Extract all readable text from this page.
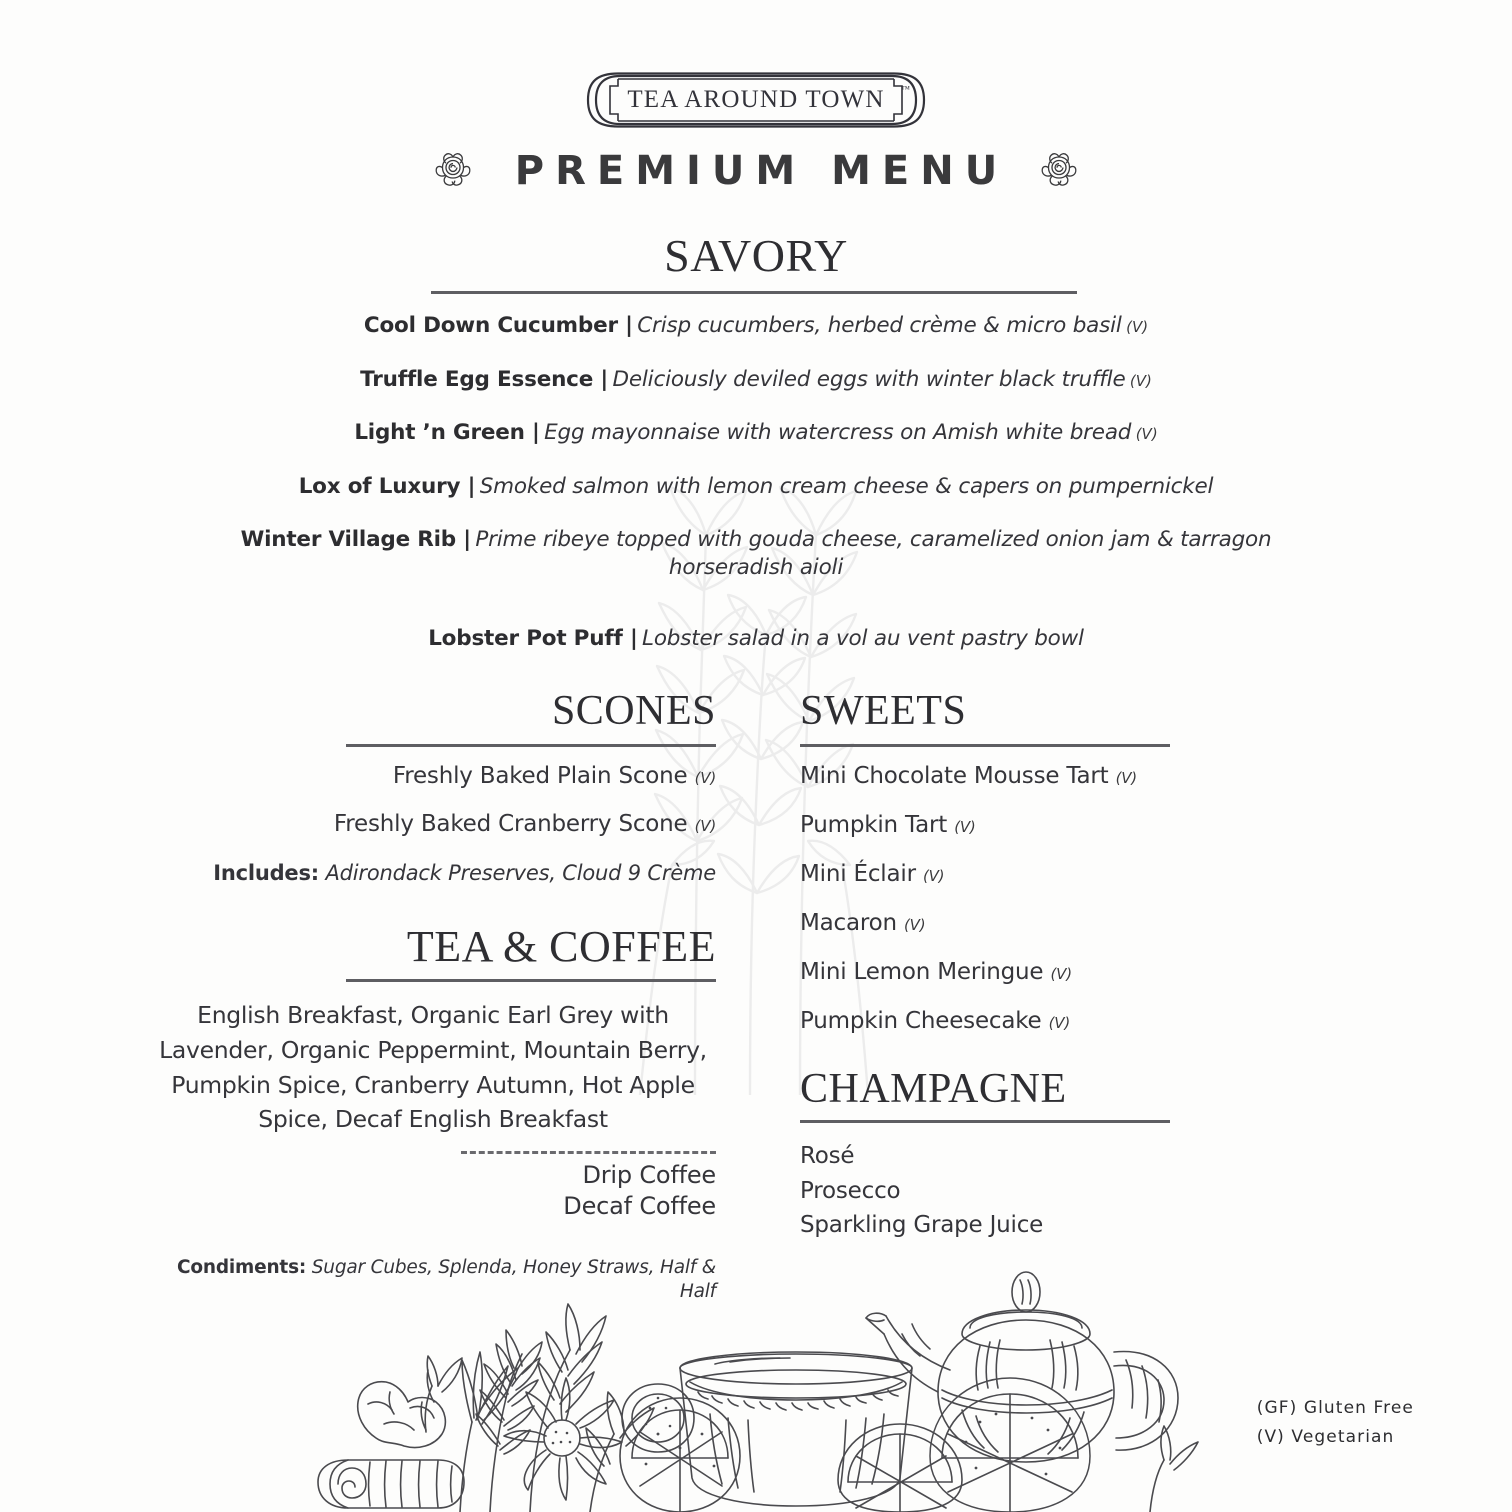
TEA AROUND TOWN	™
PREMIUM MENU
SAVORY
Cool Down Cucumber | Crisp cucumbers, herbed crème & micro basil (V)
Truffle Egg Essence | Deliciously deviled eggs with winter black truffle (V)
Light ʼn Green | Egg mayonnaise with watercress on Amish white bread (V)
Lox of Luxury | Smoked salmon with lemon cream cheese & capers on pumpernickel
Winter Village Rib | Prime ribeye topped with gouda cheese, caramelized onion jam & tarragon horseradish aioli
Lobster Pot Puff | Lobster salad in a vol au vent pastry bowl
SCONES
Freshly Baked Plain Scone (V)
Freshly Baked Cranberry Scone (V)
Includes: Adirondack Preserves, Cloud 9 Crème
SWEETS
Mini Chocolate Mousse Tart (V)
Pumpkin Tart (V)
Mini Éclair (V)
Macaron (V)
Mini Lemon Meringue (V)
Pumpkin Cheesecake (V)
TEA & COFFEE
English Breakfast, Organic Earl Grey with Lavender, Organic Peppermint, Mountain Berry, Pumpkin Spice, Cranberry Autumn, Hot Apple Spice, Decaf English Breakfast
Drip Coffee
Decaf Coffee
Condiments: Sugar Cubes, Splenda, Honey Straws, Half & Half
CHAMPAGNE
Rosé
Prosecco
Sparkling Grape Juice
(GF) Gluten Free
(V) Vegetarian
